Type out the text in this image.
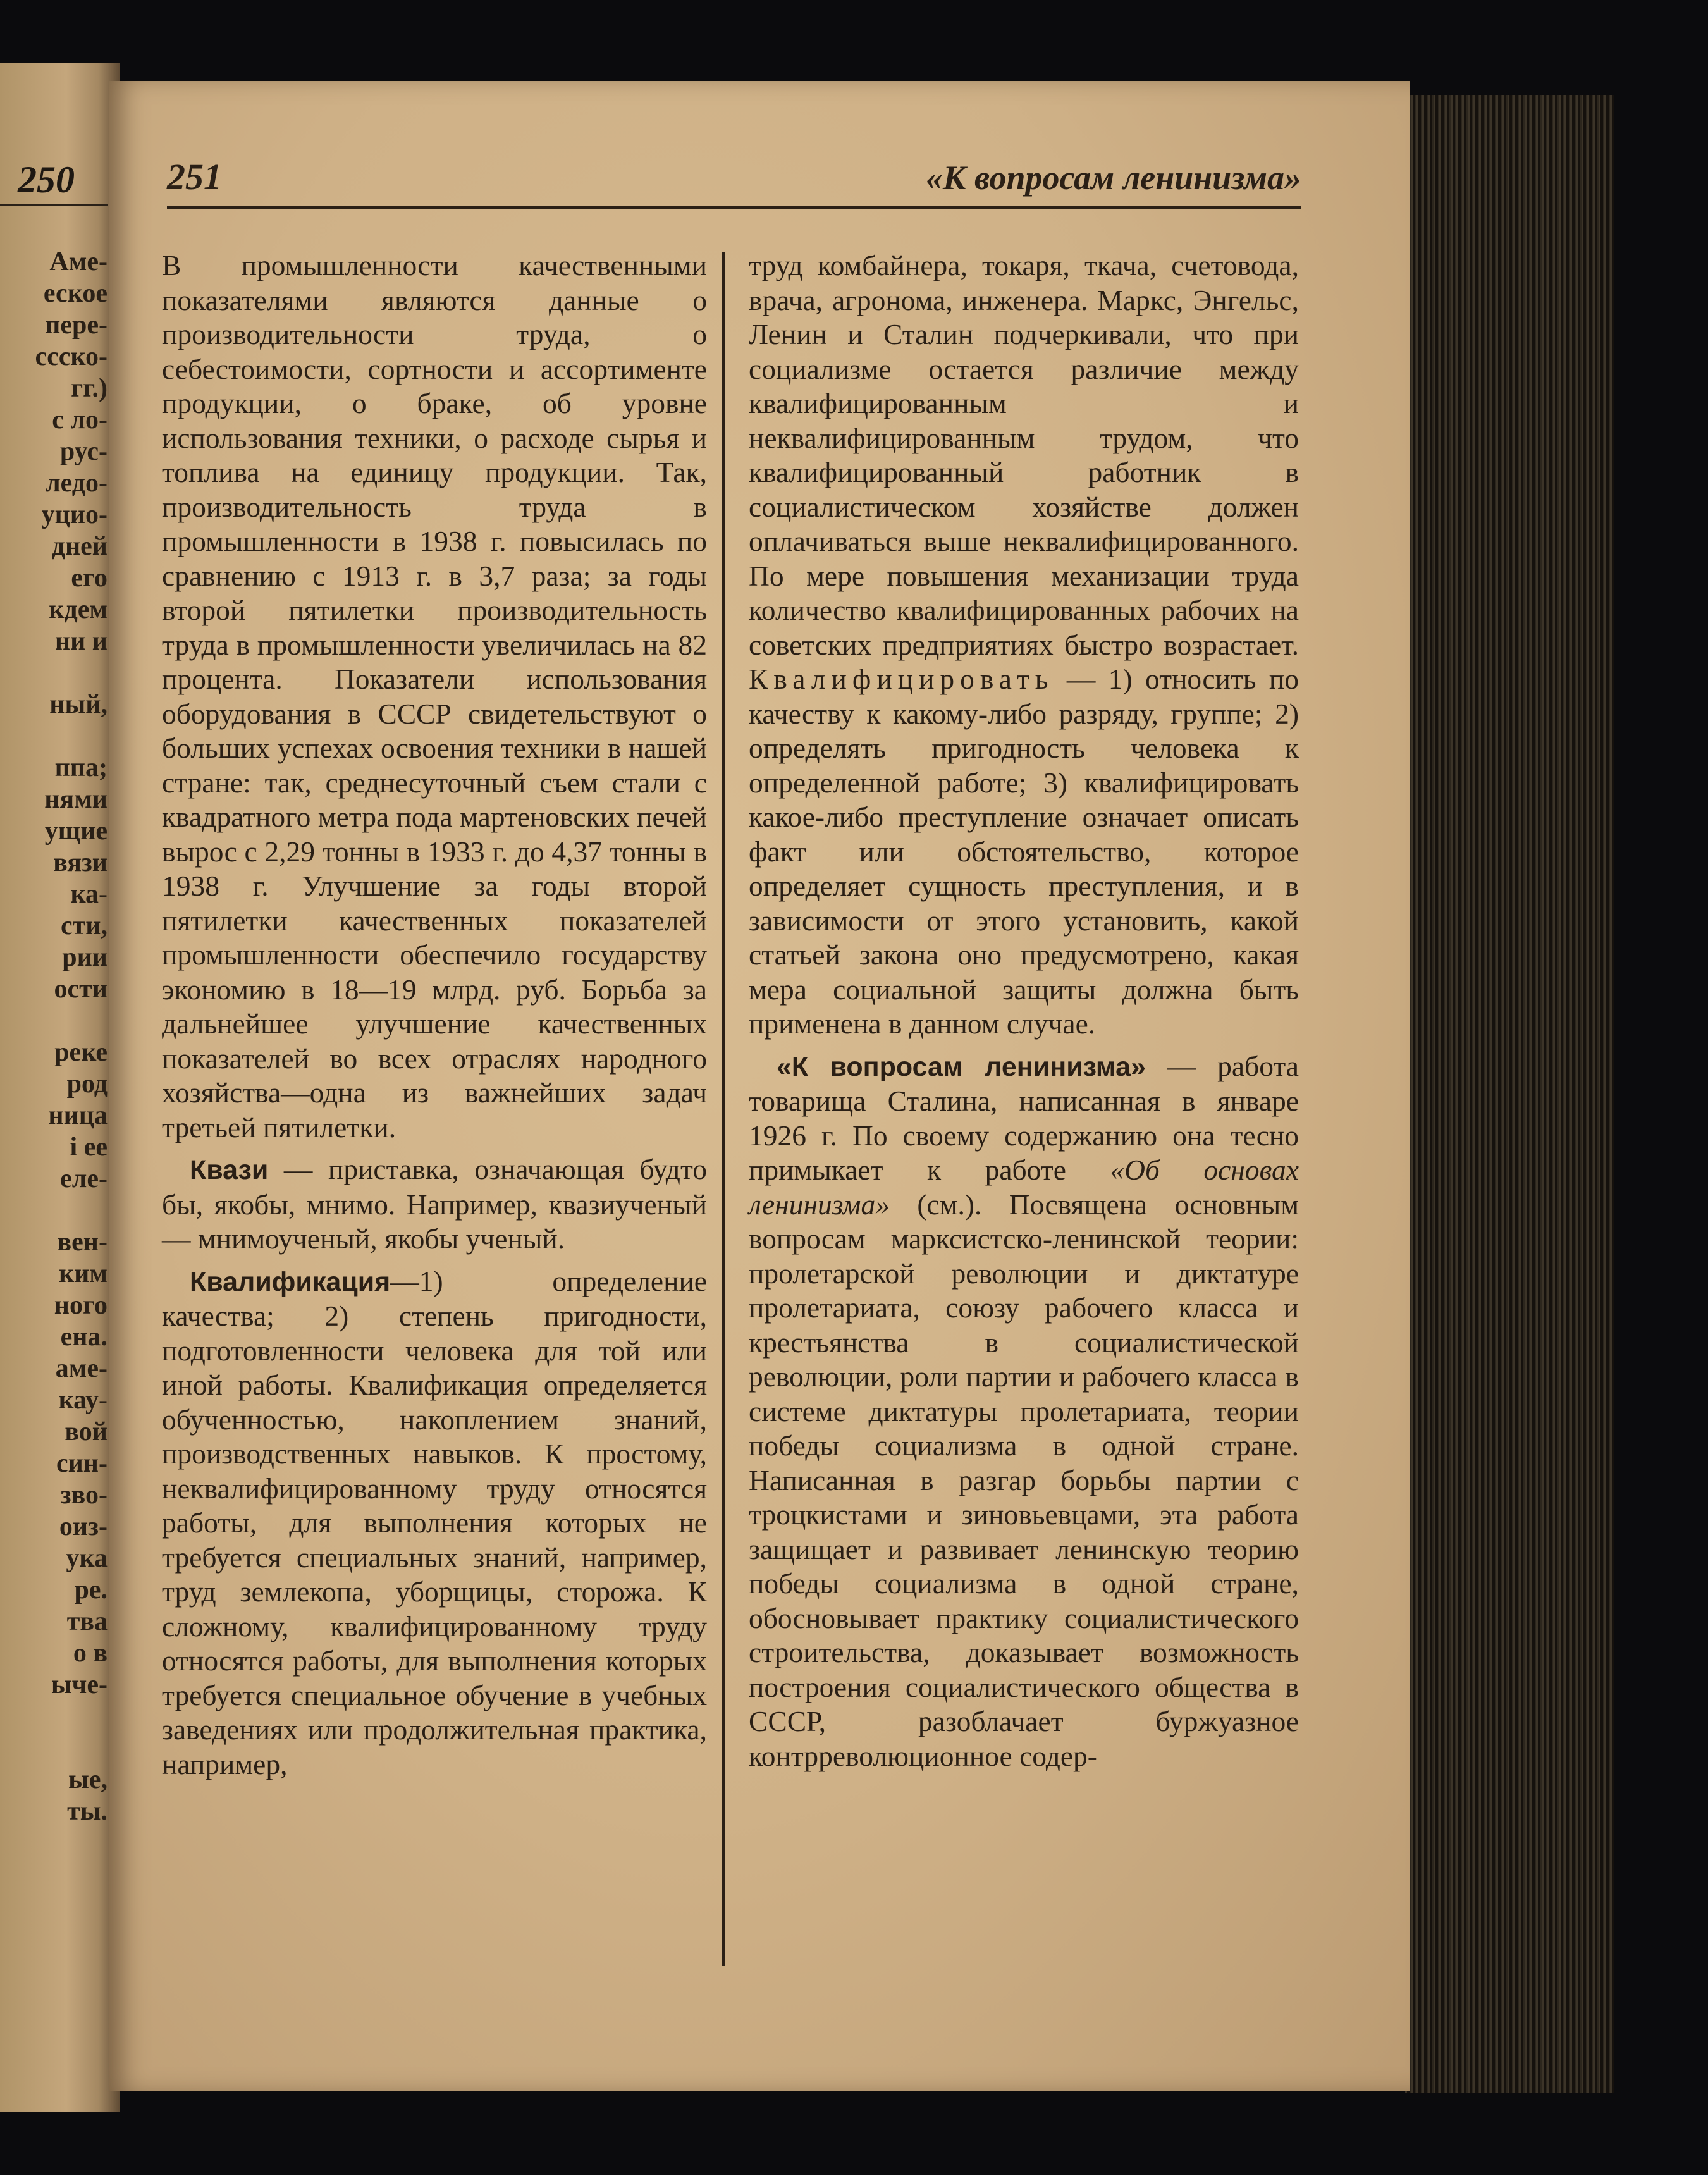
250
Аме-
еское
пере-
ссско-
гг.)
с ло-
рус-
ледо-
уцио-
дней
его
кдем
ни и
ный,
ппа;
нями
ущие
вязи
ка-
сти,
рии
ости
реке
род
ница
і ее
еле-
вен-
ким
ного
ена.
аме-
кау-
вой
син-
зво-
оиз-
ука
ре.
тва
о в
ыче-
ые,
ты.
251	«К вопросам ленинизма»

В промышленности качественными показателями являются данные о производительности труда, о себестоимости, сортности и ассортименте продукции, о браке, об уровне использования техники, о расходе сырья и топлива на единицу продукции. Так, производительность труда в промышленности в 1938 г. повысилась по сравнению с 1913 г. в 3,7 раза; за годы второй пятилетки производительность труда в промышленности увеличилась на 82 процента. Показатели использования оборудования в СССР свидетельствуют о больших успехах освоения техники в нашей стране: так, среднесуточный съем стали с квадратного метра пода мартеновских печей вырос с 2,29 тонны в 1933 г. до 4,37 тонны в 1938 г. Улучшение за годы второй пятилетки качественных показателей промышленности обеспечило государству экономию в 18—19 млрд. руб. Борьба за дальнейшее улучшение качественных показателей во всех отраслях народного хозяйства—одна из важнейших задач третьей пятилетки.

Квази — приставка, означающая будто бы, якобы, мнимо. Например, квазиученый — мнимоученый, якобы ученый.

Квалификация—1) определение качества; 2) степень пригодности, подготовленности человека для той или иной работы. Квалификация определяется обученностью, накоплением знаний, производственных навыков. К простому, неквалифицированному труду относятся работы, для выполнения которых не требуется специальных знаний, например, труд землекопа, уборщицы, сторожа. К сложному, квалифицированному труду относятся работы, для выполнения которых требуется специальное обучение в учебных заведениях или продолжительная практика, например,

труд комбайнера, токаря, ткача, счетовода, врача, агронома, инженера. Маркс, Энгельс, Ленин и Сталин подчеркивали, что при социализме остается различие между квалифицированным и неквалифицированным трудом, что квалифицированный работник в социалистическом хозяйстве должен оплачиваться выше неквалифицированного. По мере повышения механизации труда количество квалифицированных рабочих на советских предприятиях быстро возрастает. Квалифицировать — 1) относить по качеству к какому-либо разряду, группе; 2) определять пригодность человека к определенной работе; 3) квалифицировать какое-либо преступление означает описать факт или обстоятельство, которое определяет сущность преступления, и в зависимости от этого установить, какой статьей закона оно предусмотрено, какая мера социальной защиты должна быть применена в данном случае.

«К вопросам ленинизма» — работа товарища Сталина, написанная в январе 1926 г. По своему содержанию она тесно примыкает к работе «Об основах ленинизма» (см.). Посвящена основным вопросам марксистско-ленинской теории: пролетарской революции и диктатуре пролетариата, союзу рабочего класса и крестьянства в социалистической революции, роли партии и рабочего класса в системе диктатуры пролетариата, теории победы социализма в одной стране. Написанная в разгар борьбы партии с троцкистами и зиновьевцами, эта работа защищает и развивает ленинскую теорию победы социализма в одной стране, обосновывает практику социалистического строительства, доказывает возможность построения социалистического общества в СССР, разоблачает буржуазное контрреволюционное содер-
